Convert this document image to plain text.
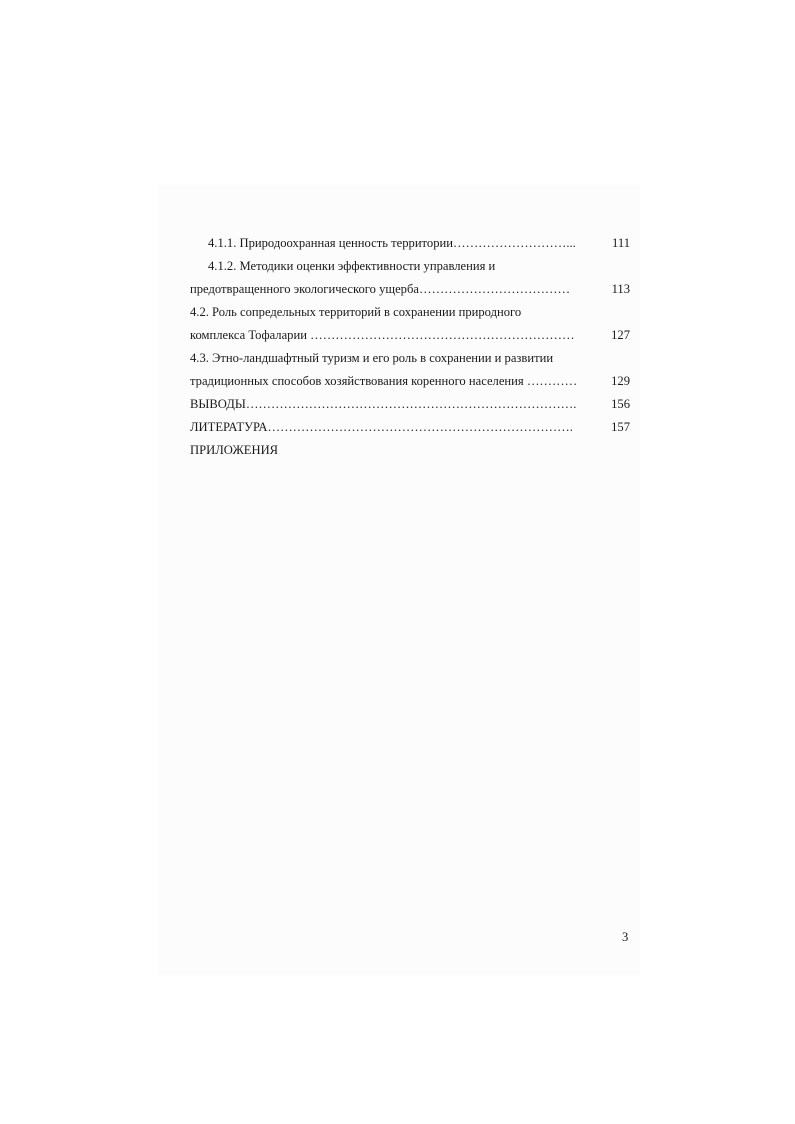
4.1.1. Природоохранная ценность территории………………………...	111
4.1.2. Методики оценки эффективности управления и
предотвращенного экологического ущерба………………………………	113
4.2. Роль сопредельных территорий в сохранении природного
комплекса Тофаларии ………………………………………………………	127
4.3. Этно-ландшафтный туризм и его роль в сохранении и развитии
традиционных способов хозяйствования коренного населения …………	129
ВЫВОДЫ…………………………………………………………………….	156
ЛИТЕРАТУРА……………………………………………………………….	157
ПРИЛОЖЕНИЯ
3
